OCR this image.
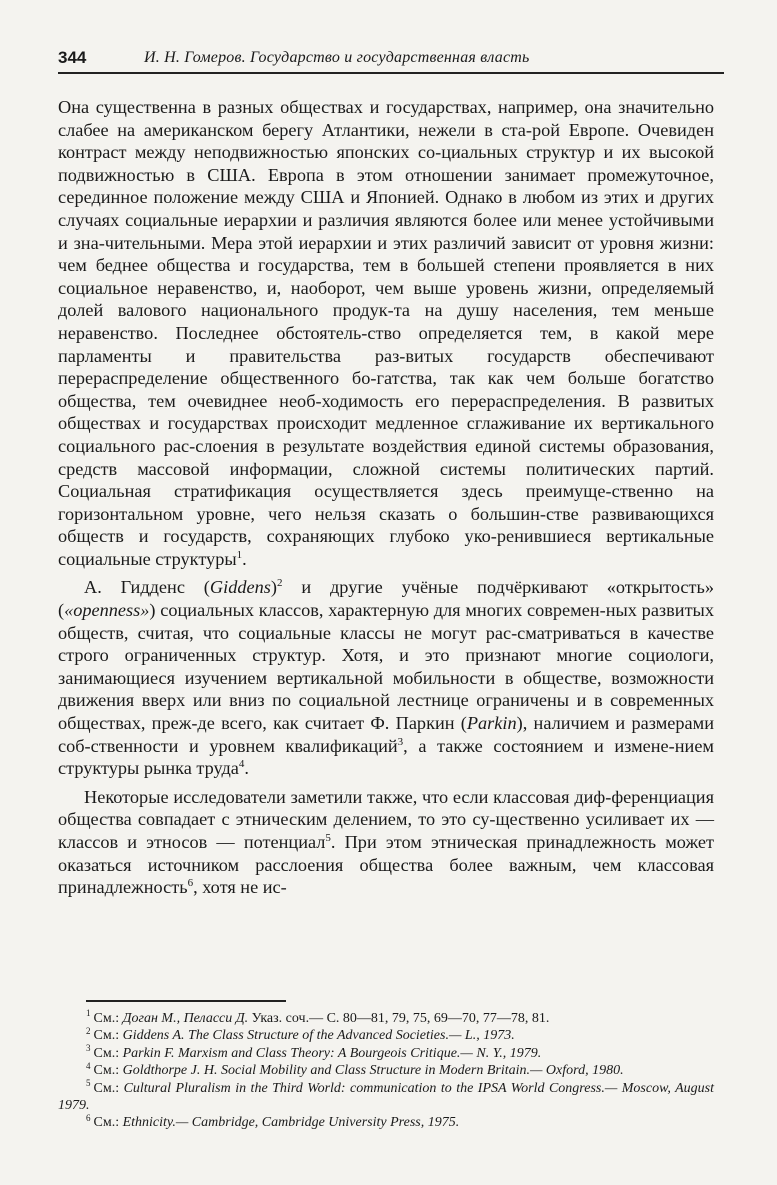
344	И. Н. Гомеров. Государство и государственная власть

Она существенна в разных обществах и государствах, например, она значительно слабее на американском берегу Атлантики, нежели в ста-рой Европе. Очевиден контраст между неподвижностью японских со-циальных структур и их высокой подвижностью в США. Европа в этом отношении занимает промежуточное, серединное положение между США и Японией. Однако в любом из этих и других случаях социальные иерархии и различия являются более или менее устойчивыми и зна-чительными. Мера этой иерархии и этих различий зависит от уровня жизни: чем беднее общества и государства, тем в большей степени проявляется в них социальное неравенство, и, наоборот, чем выше уровень жизни, определяемый долей валового национального продук-та на душу населения, тем меньше неравенство. Последнее обстоятель-ство определяется тем, в какой мере парламенты и правительства раз-витых государств обеспечивают перераспределение общественного бо-гатства, так как чем больше богатство общества, тем очевиднее необ-ходимость его перераспределения. В развитых обществах и государствах происходит медленное сглаживание их вертикального социального рас-слоения в результате воздействия единой системы образования, средств массовой информации, сложной системы политических партий. Социальная стратификация осуществляется здесь преимуще-ственно на горизонтальном уровне, чего нельзя сказать о большин-стве развивающихся обществ и государств, сохраняющих глубоко уко-ренившиеся вертикальные социальные структуры$^1$.

А. Гидденс (Giddens)$^2$ и другие учёные подчёркивают «открытость» («openness») социальных классов, характерную для многих современ-ных развитых обществ, считая, что социальные классы не могут рас-сматриваться в качестве строго ограниченных структур. Хотя, и это признают многие социологи, занимающиеся изучением вертикальной мобильности в обществе, возможности движения вверх или вниз по социальной лестнице ограничены и в современных обществах, преж-де всего, как считает Ф. Паркин (Parkin), наличием и размерами соб-ственности и уровнем квалификаций$^3$, а также состоянием и измене-нием структуры рынка труда$^4$.

Некоторые исследователи заметили также, что если классовая диф-ференциация общества совпадает с этническим делением, то это су-щественно усиливает их — классов и этносов — потенциал$^5$. При этом этническая принадлежность может оказаться источником расслоения общества более важным, чем классовая принадлежность$^6$, хотя не ис-

$^1$ См.: Доган М., Пеласси Д. Указ. соч.— С. 80—81, 79, 75, 69—70, 77—78, 81.

$^2$ См.: Giddens A. The Class Structure of the Advanced Societies.— L., 1973.

$^3$ См.: Parkin F. Marxism and Class Theory: A Bourgeois Critique.— N. Y., 1979.

$^4$ См.: Goldthorpe J. H. Social Mobility and Class Structure in Modern Britain.— Oxford, 1980.

$^5$ См.: Cultural Pluralism in the Third World: communication to the IPSA World Congress.— Moscow, August 1979.

$^6$ См.: Ethnicity.— Cambridge, Cambridge University Press, 1975.
